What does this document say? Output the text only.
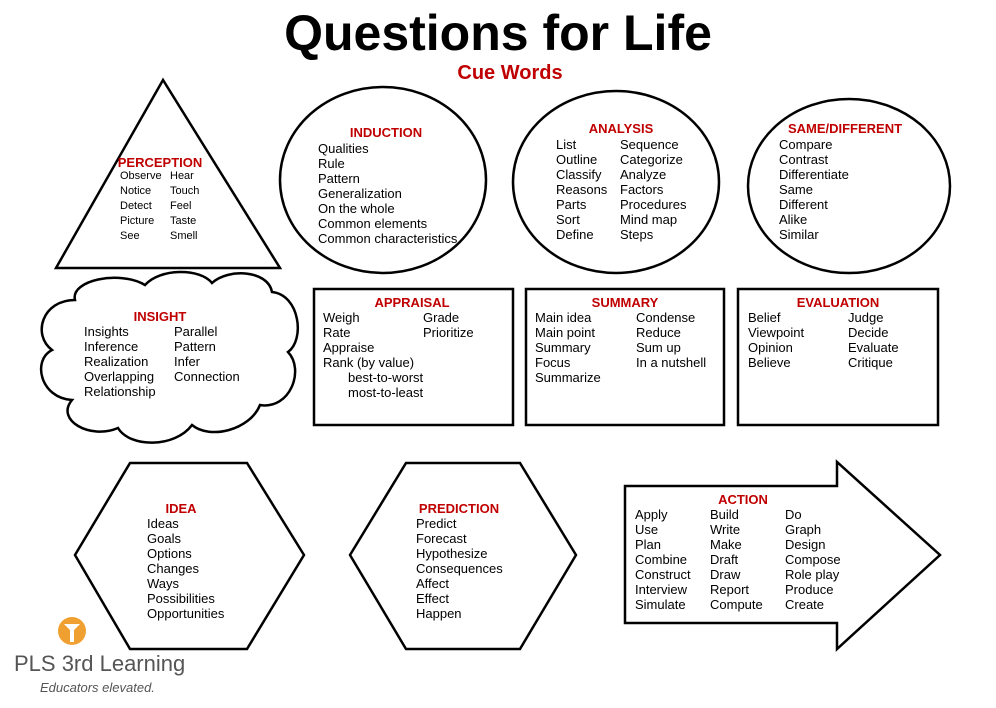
Questions for Life
Cue Words
PERCEPTION
Observe
Notice
Detect
Picture
See
Hear
Touch
Feel
Taste
Smell
INDUCTION
Qualities
Rule
Pattern
Generalization
On the whole
Common elements
Common characteristics
ANALYSIS
List
Outline
Classify
Reasons
Parts
Sort
Define
Sequence
Categorize
Analyze
Factors
Procedures
Mind map
Steps
SAME/DIFFERENT
Compare
Contrast
Differentiate
Same
Different
Alike
Similar
INSIGHT
Insights
Inference
Realization
Overlapping
Relationship
Parallel
Pattern
Infer
Connection
APPRAISAL
Weigh
Rate
Appraise
Rank (by value)
best-to-worst
most-to-least
Grade
Prioritize
SUMMARY
Main idea
Main point
Summary
Focus
Summarize
Condense
Reduce
Sum up
In a nutshell
EVALUATION
Belief
Viewpoint
Opinion
Believe
Judge
Decide
Evaluate
Critique
IDEA
Ideas
Goals
Options
Changes
Ways
Possibilities
Opportunities
PREDICTION
Predict
Forecast
Hypothesize
Consequences
Affect
Effect
Happen
ACTION
Apply
Use
Plan
Combine
Construct
Interview
Simulate
Build
Write
Make
Draft
Draw
Report
Compute
Do
Graph
Design
Compose
Role play
Produce
Create
PLS 3rd Learning
Educators elevated.
